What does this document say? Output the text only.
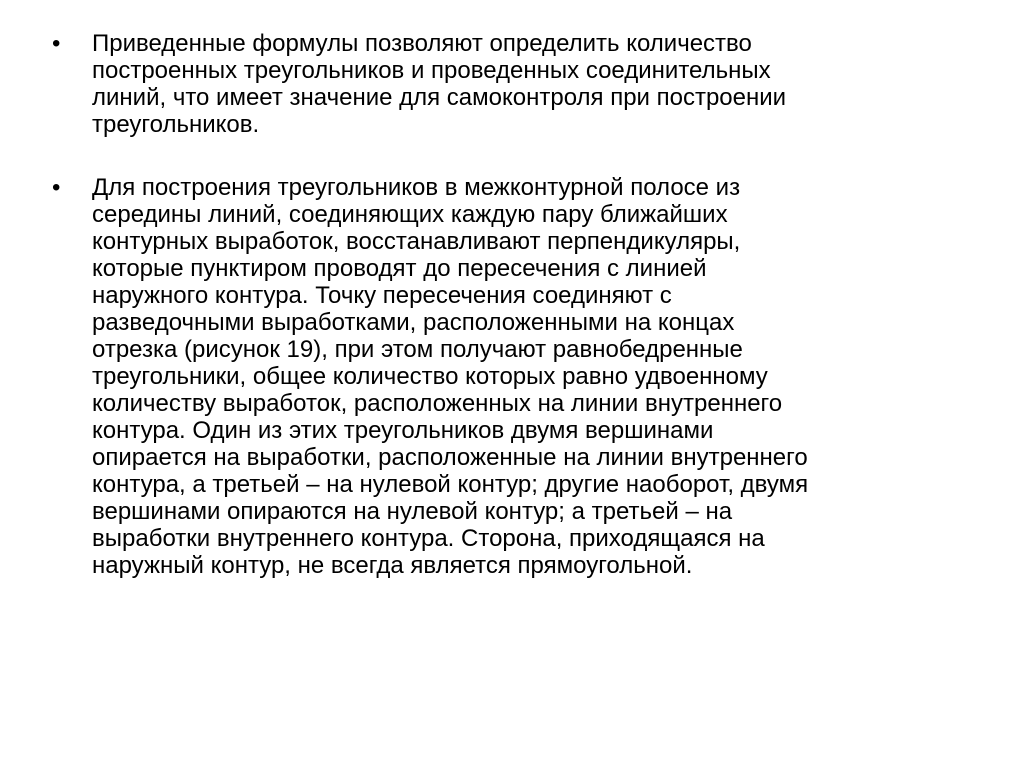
•	Приведенные формулы позволяют определить количество
построенных треугольников и проведенных соединительных
линий, что имеет значение для самоконтроля при построении
треугольников.
•	Для построения треугольников в межконтурной полосе из
середины линий, соединяющих каждую пару ближайших
контурных выработок, восстанавливают перпендикуляры,
которые пунктиром проводят до пересечения с линией
наружного контура. Точку пересечения соединяют с
разведочными выработками, расположенными на концах
отрезка (рисунок 19), при этом получают равнобедренные
треугольники, общее количество которых равно удвоенному
количеству выработок, расположенных на линии внутреннего
контура. Один из этих треугольников двумя вершинами
опирается на выработки, расположенные на линии внутреннего
контура, а третьей – на нулевой контур; другие наоборот, двумя
вершинами опираются на нулевой контур; а третьей – на
выработки внутреннего контура. Сторона, приходящаяся на
наружный контур, не всегда является прямоугольной.
